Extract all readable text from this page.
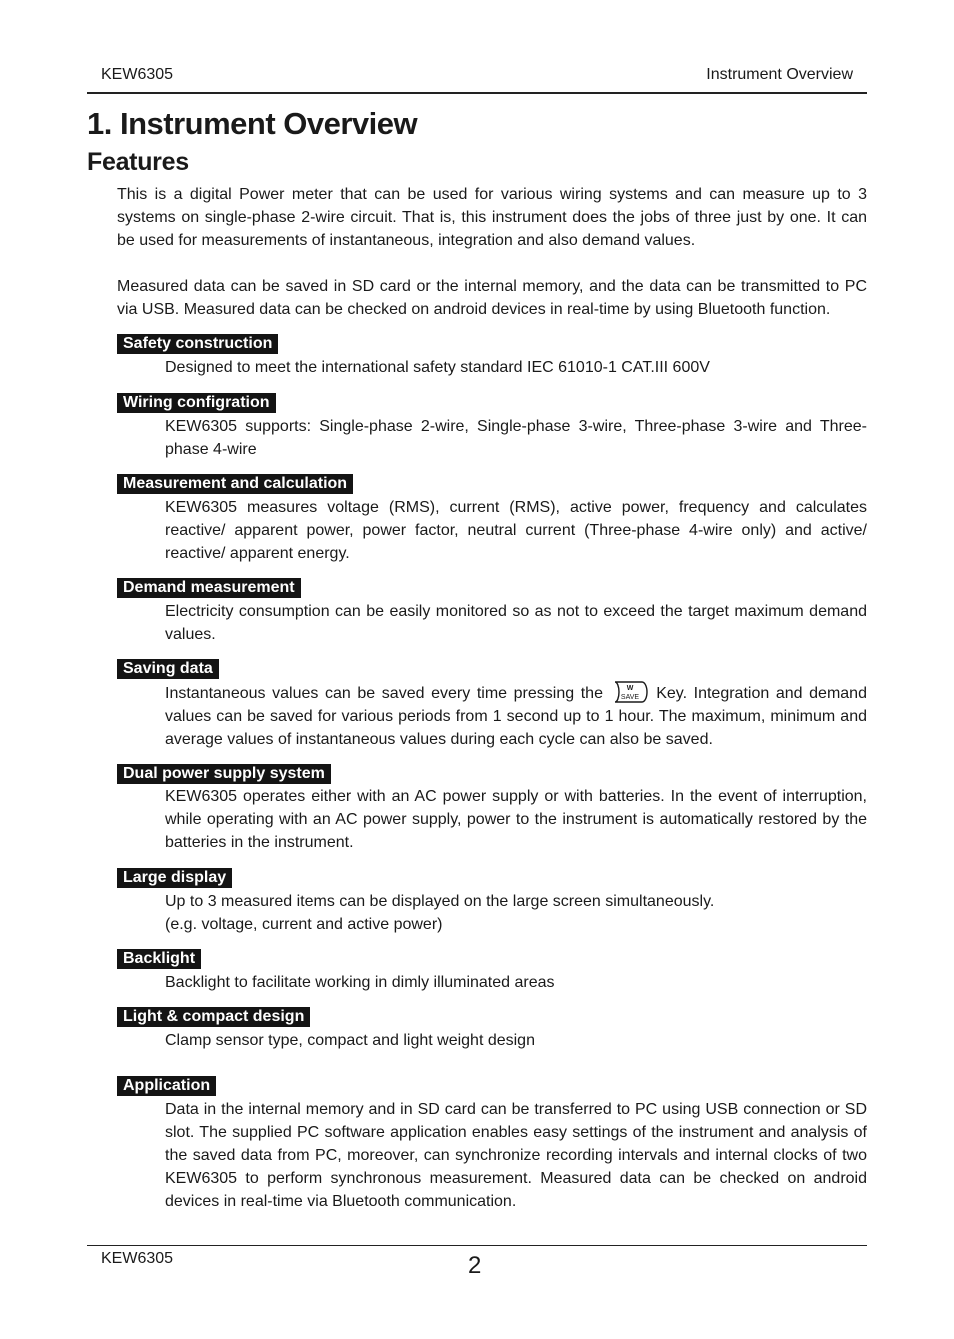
KEW6305	Instrument Overview
1. Instrument Overview
Features

This is a digital Power meter that can be used for various wiring systems and can measure up to 3 systems on single-phase 2-wire circuit. That is, this instrument does the jobs of three just by one. It can be used for measurements of instantaneous, integration and also demand values.

Measured data can be saved in SD card or the internal memory, and the data can be transmitted to PC via USB. Measured data can be checked on android devices in real-time by using Bluetooth function.

Safety construction

Designed to meet the international safety standard IEC 61010-1 CAT.III 600V

Wiring configration

KEW6305 supports: Single-phase 2-wire, Single-phase 3-wire, Three-phase 3-wire and Three-phase 4-wire

Measurement and calculation

KEW6305 measures voltage (RMS), current (RMS), active power, frequency and calculates reactive/ apparent power, power factor, neutral current (Three-phase 4-wire only) and active/ reactive/ apparent energy.

Demand measurement

Electricity consumption can be easily monitored so as not to exceed the target maximum demand values.

Saving data

Instantaneous values can be saved every time pressing the	W
SAVE Key. Integration and demand values can be saved for various periods from 1 second up to 1 hour. The maximum, minimum and average values of instantaneous values during each cycle can also be saved.

Dual power supply system

KEW6305 operates either with an AC power supply or with batteries. In the event of interruption, while operating with an AC power supply, power to the instrument is automatically restored by the batteries in the instrument.

Large display

Up to 3 measured items can be displayed on the large screen simultaneously.

(e.g. voltage, current and active power)

Backlight

Backlight to facilitate working in dimly illuminated areas

Light & compact design

Clamp sensor type, compact and light weight design

Application

Data in the internal memory and in SD card can be transferred to PC using USB connection or SD slot. The supplied PC software application enables easy settings of the instrument and analysis of the saved data from PC, moreover, can synchronize recording intervals and internal clocks of two KEW6305 to perform synchronous measurement. Measured data can be checked on android devices in real-time via Bluetooth communication.

KEW6305	2
